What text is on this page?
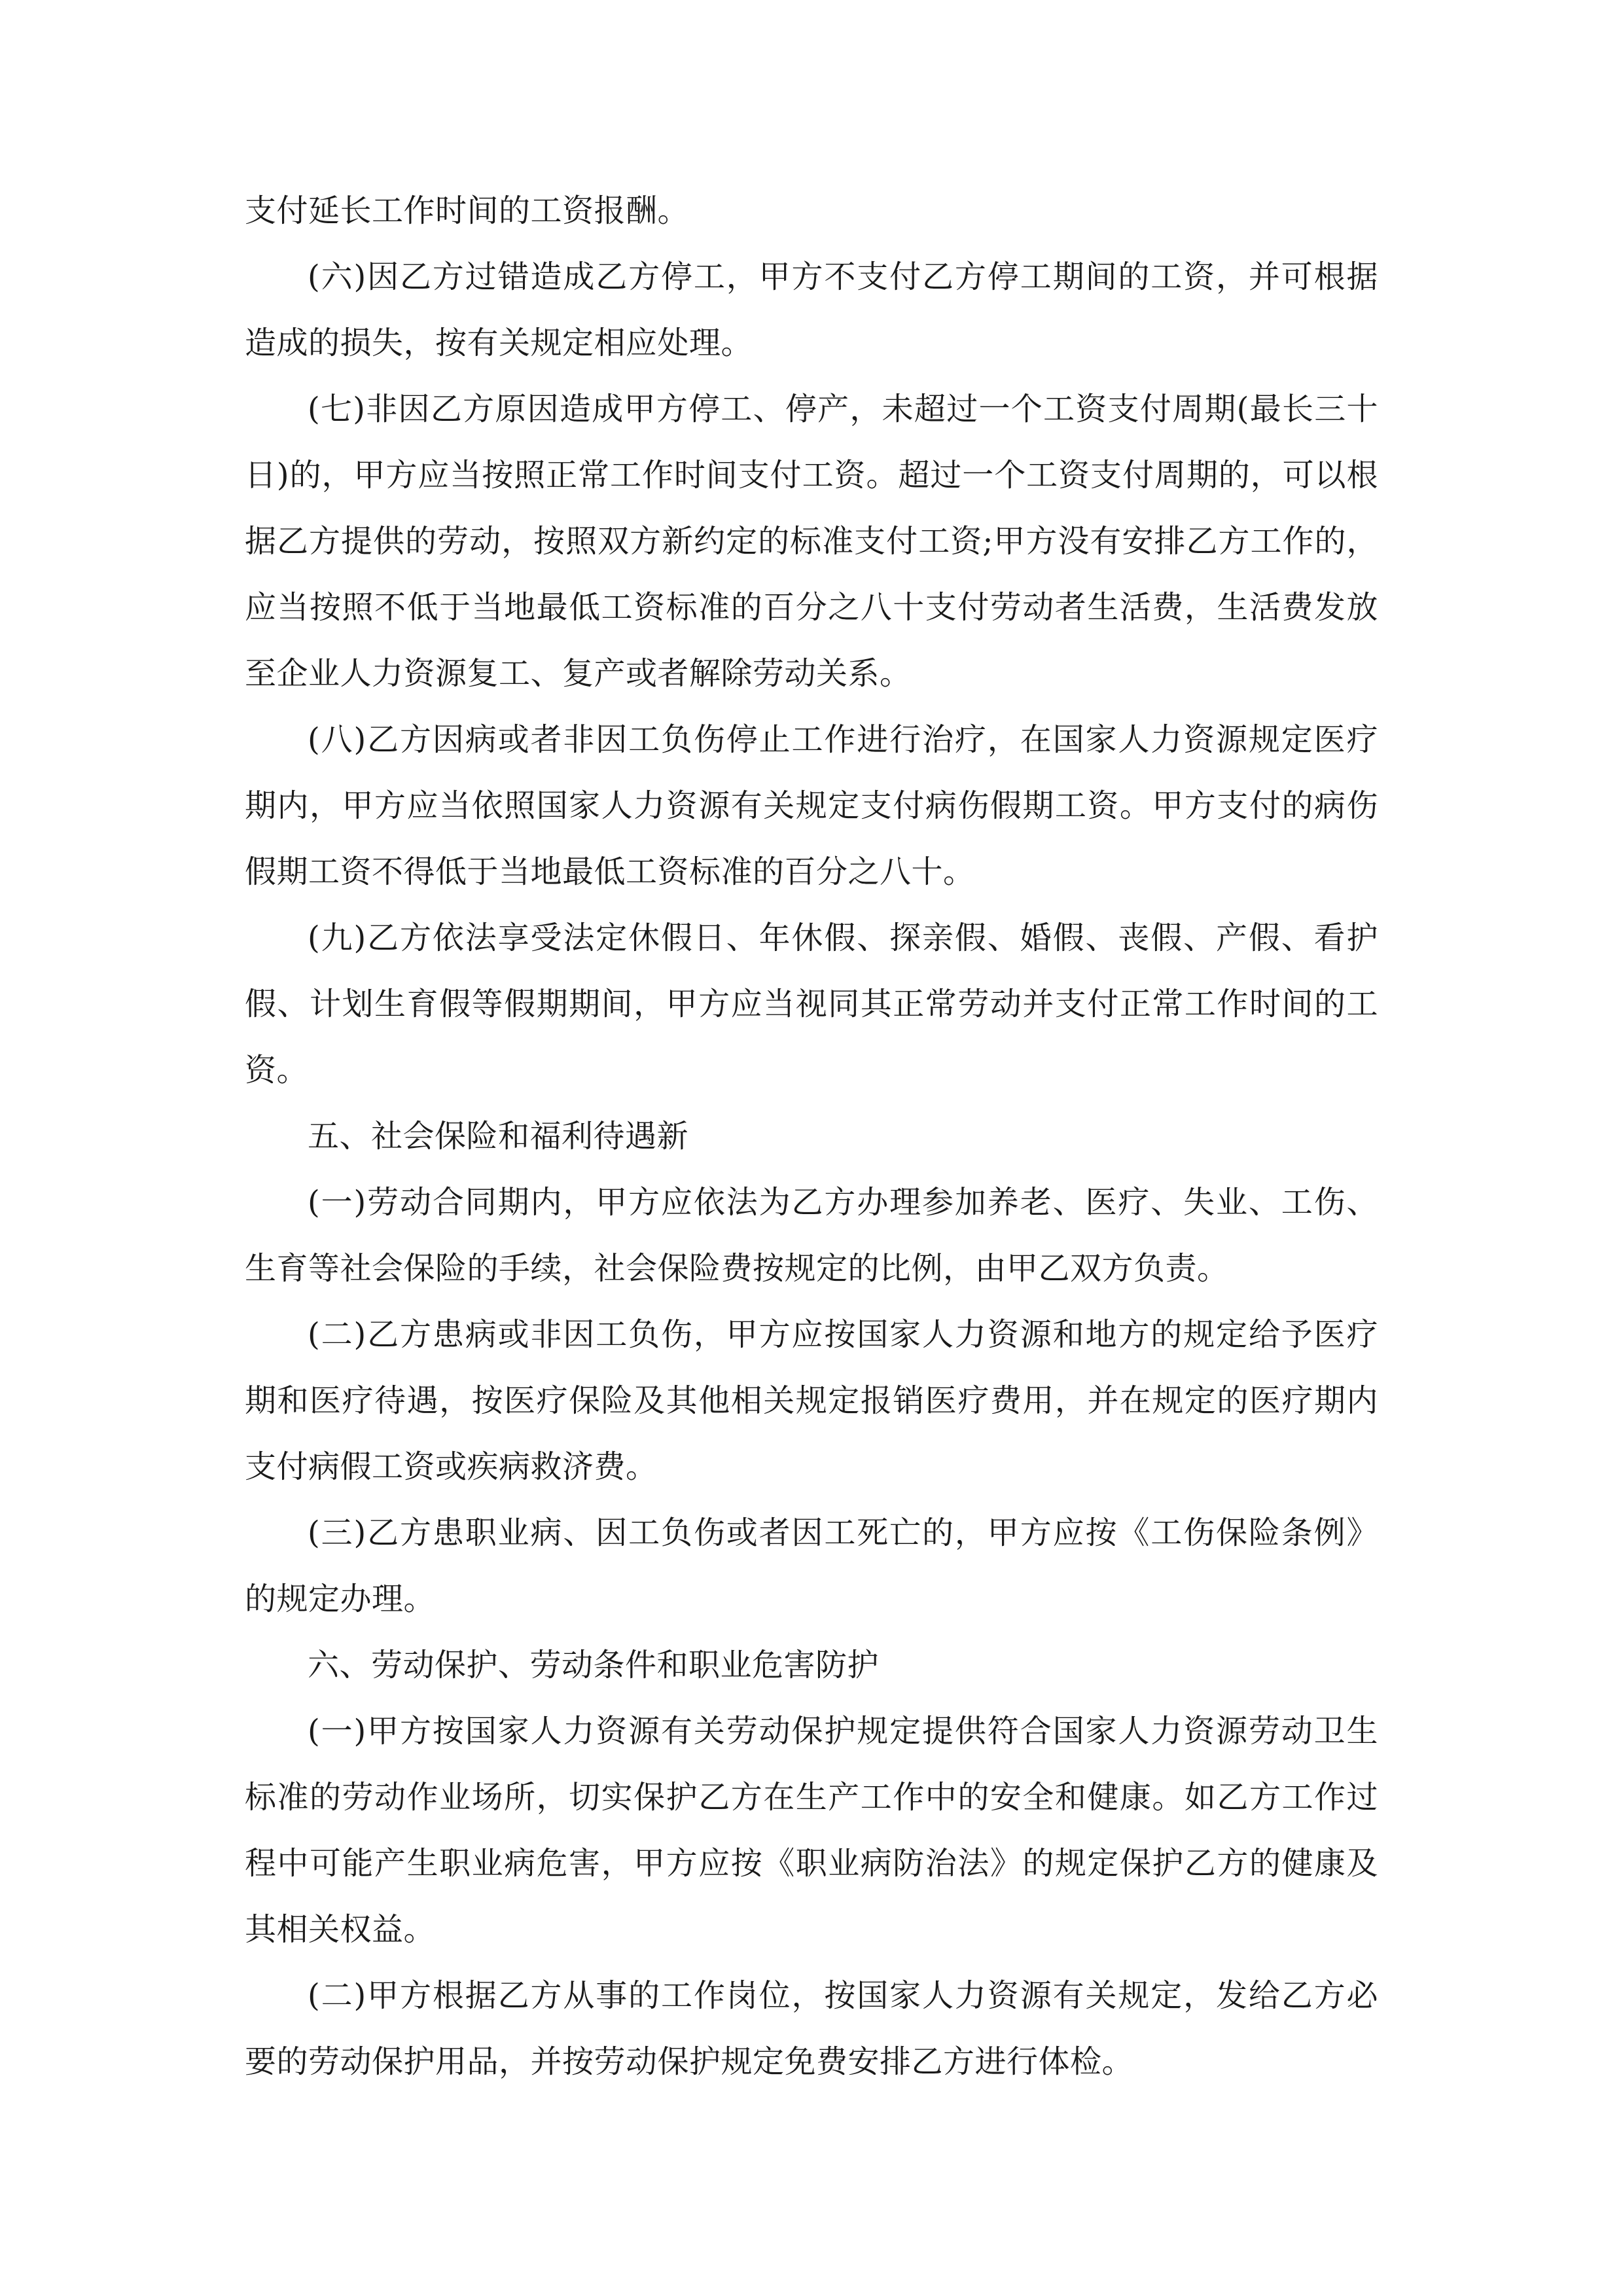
支付延长工作时间的工资报酬。

(六)因乙方过错造成乙方停工，甲方不支付乙方停工期间的工资，并可根据造成的损失，按有关规定相应处理。

(七)非因乙方原因造成甲方停工、停产，未超过一个工资支付周期(最长三十日)的，甲方应当按照正常工作时间支付工资。超过一个工资支付周期的，可以根据乙方提供的劳动，按照双方新约定的标准支付工资;甲方没有安排乙方工作的，应当按照不低于当地最低工资标准的百分之八十支付劳动者生活费，生活费发放至企业人力资源复工、复产或者解除劳动关系。

(八)乙方因病或者非因工负伤停止工作进行治疗，在国家人力资源规定医疗期内，甲方应当依照国家人力资源有关规定支付病伤假期工资。甲方支付的病伤假期工资不得低于当地最低工资标准的百分之八十。

(九)乙方依法享受法定休假日、年休假、探亲假、婚假、丧假、产假、看护假、计划生育假等假期期间，甲方应当视同其正常劳动并支付正常工作时间的工资。

五、社会保险和福利待遇新

(一)劳动合同期内，甲方应依法为乙方办理参加养老、医疗、失业、工伤、生育等社会保险的手续，社会保险费按规定的比例，由甲乙双方负责。

(二)乙方患病或非因工负伤，甲方应按国家人力资源和地方的规定给予医疗期和医疗待遇，按医疗保险及其他相关规定报销医疗费用，并在规定的医疗期内支付病假工资或疾病救济费。

(三)乙方患职业病、因工负伤或者因工死亡的，甲方应按《工伤保险条例》的规定办理。

六、劳动保护、劳动条件和职业危害防护

(一)甲方按国家人力资源有关劳动保护规定提供符合国家人力资源劳动卫生标准的劳动作业场所，切实保护乙方在生产工作中的安全和健康。如乙方工作过程中可能产生职业病危害，甲方应按《职业病防治法》的规定保护乙方的健康及其相关权益。

(二)甲方根据乙方从事的工作岗位，按国家人力资源有关规定，发给乙方必要的劳动保护用品，并按劳动保护规定免费安排乙方进行体检。
